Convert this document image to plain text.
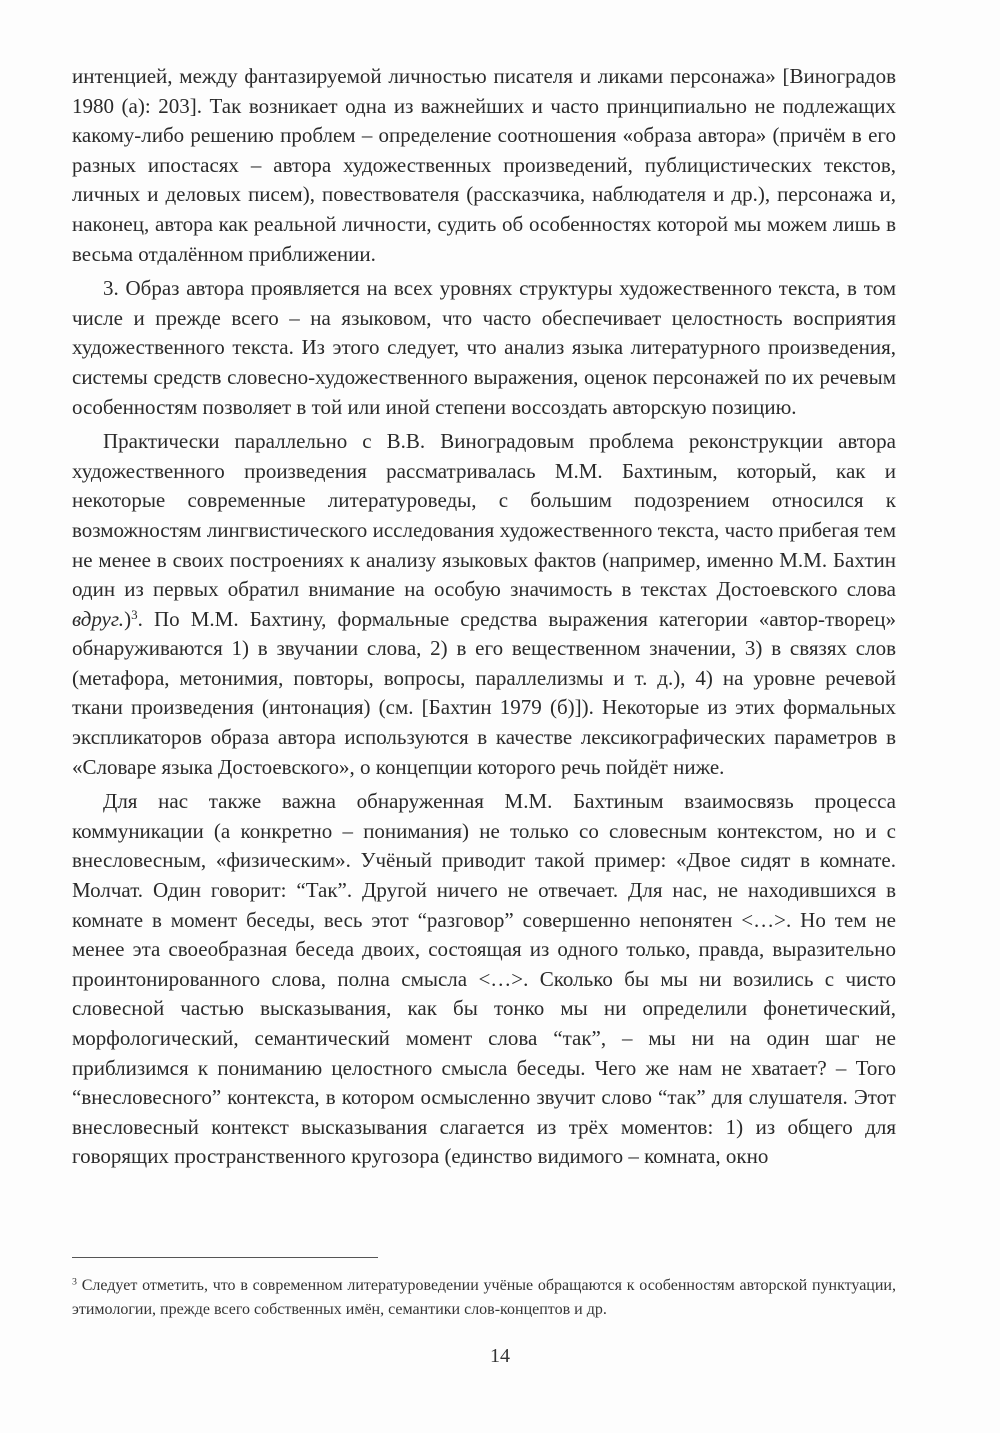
интенцией, между фантазируемой личностью писателя и ликами персонажа» [Виноградов 1980 (а): 203]. Так возникает одна из важнейших и часто принципиально не подлежащих какому-либо решению проблем – определение соотношения «образа автора» (причём в его разных ипостасях – автора художественных произведений, публицистических текстов, личных и деловых писем), повествователя (рассказчика, наблюдателя и др.), персонажа и, наконец, автора как реальной личности, судить об особенностях которой мы можем лишь в весьма отдалённом приближении.

3. Образ автора проявляется на всех уровнях структуры художественного текста, в том числе и прежде всего – на языковом, что часто обеспечивает целостность восприятия художественного текста. Из этого следует, что анализ языка литературного произведения, системы средств словесно-художественного выражения, оценок персонажей по их речевым особенностям позволяет в той или иной степени воссоздать авторскую позицию.

Практически параллельно с В.В. Виноградовым проблема реконструкции автора художественного произведения рассматривалась М.М. Бахтиным, который, как и некоторые современные литературоведы, с большим подозрением относился к возможностям лингвистического исследования художественного текста, часто прибегая тем не менее в своих построениях к анализу языковых фактов (например, именно М.М. Бахтин один из первых обратил внимание на особую значимость в текстах Достоевского слова вдруг.)$^3$. По М.М. Бахтину, формальные средства выражения категории «автор-творец» обнаруживаются 1) в звучании слова, 2) в его вещественном значении, 3) в связях слов (метафора, метонимия, повторы, вопросы, параллелизмы и т. д.), 4) на уровне речевой ткани произведения (интонация) (см. [Бахтин 1979 (б)]). Некоторые из этих формальных экспликаторов образа автора используются в качестве лексикографических параметров в «Словаре языка Достоевского», о концепции которого речь пойдёт ниже.

Для нас также важна обнаруженная М.М. Бахтиным взаимосвязь процесса коммуникации (а конкретно – понимания) не только со словесным контекстом, но и с внесловесным, «физическим». Учёный приводит такой пример: «Двое сидят в комнате. Молчат. Один говорит: “Так”. Другой ничего не отвечает. Для нас, не находившихся в комнате в момент беседы, весь этот “разговор” совершенно непонятен <…>. Но тем не менее эта своеобразная беседа двоих, состоящая из одного только, правда, выразительно проинтонированного слова, полна смысла <…>. Сколько бы мы ни возились с чисто словесной частью высказывания, как бы тонко мы ни определили фонетический, морфологический, семантический момент слова “так”, – мы ни на один шаг не приблизимся к пониманию целостного смысла беседы. Чего же нам не хватает? – Того “внесловесного” контекста, в котором осмысленно звучит слово “так” для слушателя. Этот внесловесный контекст высказывания слагается из трёх моментов: 1) из общего для говорящих пространственного кругозора (единство видимого – комната, окно

$^3$ Следует отметить, что в современном литературоведении учёные обращаются к особенностям авторской пунктуации, этимологии, прежде всего собственных имён, семантики слов-концептов и др.
14
